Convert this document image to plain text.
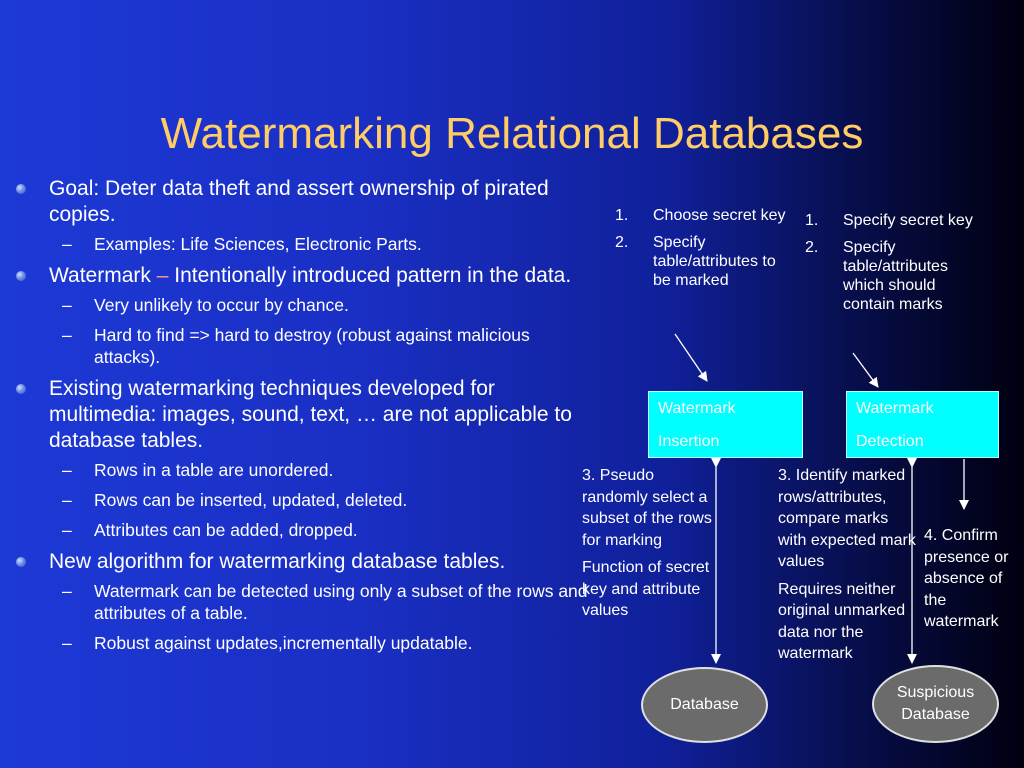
Watermarking Relational Databases
Goal: Deter data theft and assert ownership of pirated copies.
– Examples: Life Sciences, Electronic Parts.
Watermark – Intentionally introduced pattern in the data.
– Very unlikely to occur by chance.
– Hard to find => hard to destroy (robust against malicious attacks).
Existing watermarking techniques developed for multimedia: images, sound, text, … are not applicable to database tables.
– Rows in a table are unordered.
– Rows can be inserted, updated, deleted.
– Attributes can be added, dropped.
New algorithm for watermarking database tables.
– Watermark can be detected using only a subset of the rows and attributes of a table.
– Robust against updates,incrementally updatable.
1. Choose secret key
2. Specify table/attributes to be marked
1. Specify secret key
2. Specify table/attributes which should contain marks
Watermark
Insertion
Watermark
Detection

3. Pseudo randomly select a subset of the rows for marking

Function of secret key and attribute values

3. Identify marked rows/attributes, compare marks with expected mark values

Requires neither original unmarked data nor the watermark

4. Confirm presence or absence of the watermark

Database
Suspicious Database
